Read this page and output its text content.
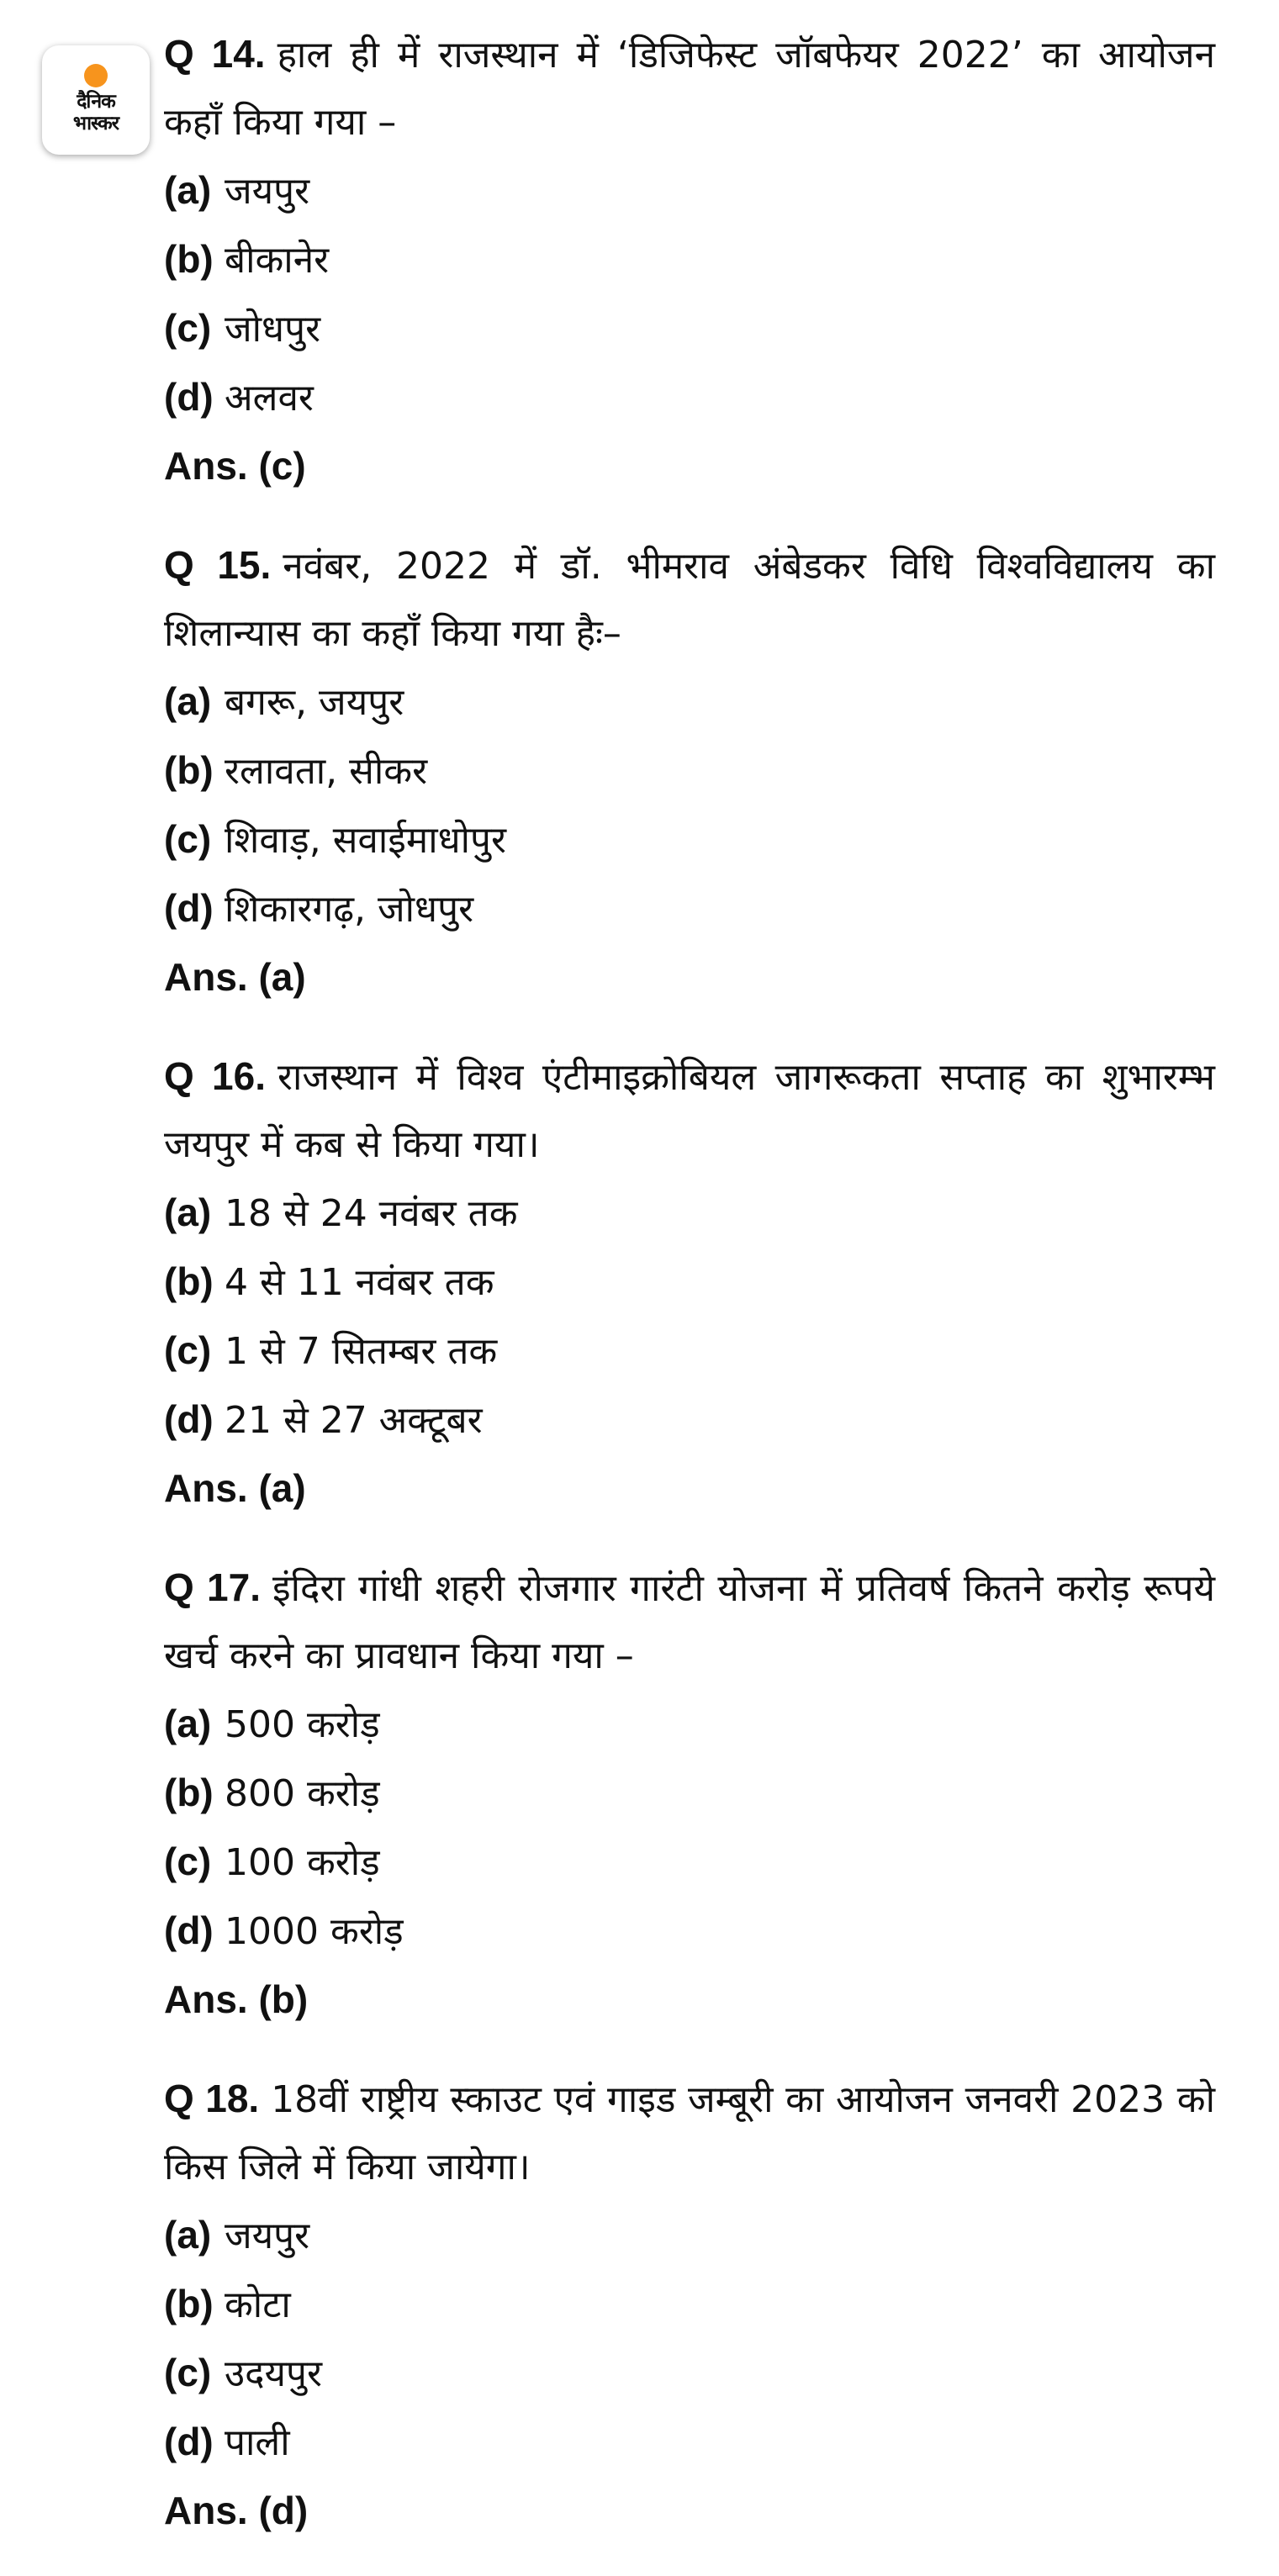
दैनिक
भास्कर

Q 14. हाल ही में राजस्थान में ‘डिजिफेस्ट जॉबफेयर 2022’ का आयोजन कहाँ किया गया –

(a) जयपुर

(b) बीकानेर

(c) जोधपुर

(d) अलवर

Ans. (c)

Q 15. नवंबर, 2022 में डॉ. भीमराव अंबेडकर विधि विश्वविद्यालय का शिलान्यास का कहाँ किया गया हैः–

(a) बगरू, जयपुर

(b) रलावता, सीकर

(c) शिवाड़, सवाईमाधोपुर

(d) शिकारगढ़, जोधपुर

Ans. (a)

Q 16. राजस्थान में विश्व एंटीमाइक्रोबियल जागरूकता सप्ताह का शुभारम्भ जयपुर में कब से किया गया।

(a) 18 से 24 नवंबर तक

(b) 4 से 11 नवंबर तक

(c) 1 से 7 सितम्बर तक

(d) 21 से 27 अक्टूबर

Ans. (a)

Q 17. इंदिरा गांधी शहरी रोजगार गारंटी योजना में प्रतिवर्ष कितने करोड़ रूपये खर्च करने का प्रावधान किया गया –

(a) 500 करोड़

(b) 800 करोड़

(c) 100 करोड़

(d) 1000 करोड़

Ans. (b)

Q 18. 18वीं राष्ट्रीय स्काउट एवं गाइड जम्बूरी का आयोजन जनवरी 2023 को किस जिले में किया जायेगा।

(a) जयपुर

(b) कोटा

(c) उदयपुर

(d) पाली

Ans. (d)
